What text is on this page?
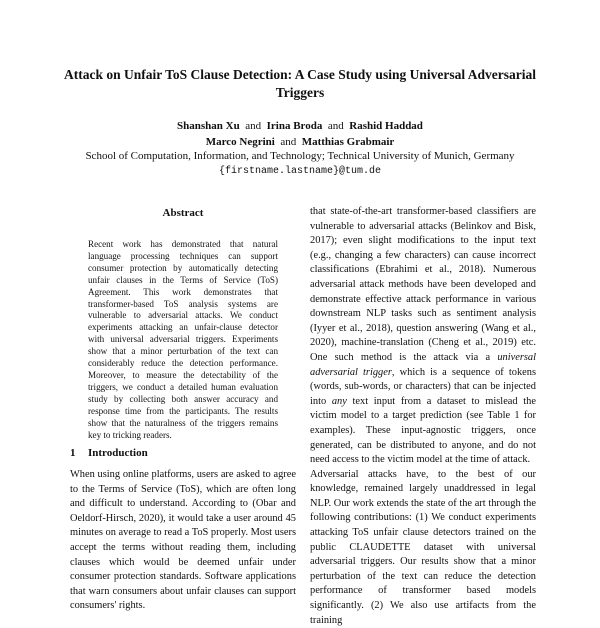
Attack on Unfair ToS Clause Detection: A Case Study using Universal Adversarial Triggers
Shanshan Xu and Irina Broda and Rashid Haddad
Marco Negrini and Matthias Grabmair
School of Computation, Information, and Technology; Technical University of Munich, Germany
{firstname.lastname}@tum.de
Abstract

Recent work has demonstrated that natural language processing techniques can support consumer protection by automatically detecting unfair clauses in the Terms of Service (ToS) Agreement. This work demonstrates that transformer-based ToS analysis systems are vulnerable to adversarial attacks. We conduct experiments attacking an unfair-clause detector with universal adversarial triggers. Experiments show that a minor perturbation of the text can considerably reduce the detection performance. Moreover, to measure the detectability of the triggers, we conduct a detailed human evaluation study by collecting both answer accuracy and response time from the participants. The results show that the naturalness of the triggers remains key to tricking readers.

1 Introduction

When using online platforms, users are asked to agree to the Terms of Service (ToS), which are often long and difficult to understand. According to (Obar and Oeldorf-Hirsch, 2020), it would take a user around 45 minutes on average to read a ToS properly. Most users accept the terms without reading them, including clauses which would be deemed unfair under consumer protection standards. Software applications that warn consumers about unfair clauses can support consumers' rights.

that state-of-the-art transformer-based classifiers are vulnerable to adversarial attacks (Belinkov and Bisk, 2017); even slight modifications to the input text (e.g., changing a few characters) can cause incorrect classifications (Ebrahimi et al., 2018). Numerous adversarial attack methods have been developed and demonstrate effective attack performance in various downstream NLP tasks such as sentiment analysis (Iyyer et al., 2018), question answering (Wang et al., 2020), machine-translation (Cheng et al., 2019) etc. One such method is the attack via a universal adversarial trigger, which is a sequence of tokens (words, sub-words, or characters) that can be injected into any text input from a dataset to mislead the victim model to a target prediction (see Table 1 for examples). These input-agnostic triggers, once generated, can be distributed to anyone, and do not need access to the victim model at the time of attack.

Adversarial attacks have, to the best of our knowledge, remained largely unaddressed in legal NLP. Our work extends the state of the art through the following contributions: (1) We conduct experiments attacking ToS unfair clause detectors trained on the public CLAUDETTE dataset with universal adversarial triggers. Our results show that a minor perturbation of the text can reduce the detection performance of transformer based models significantly. (2) We also use artifacts from the training
